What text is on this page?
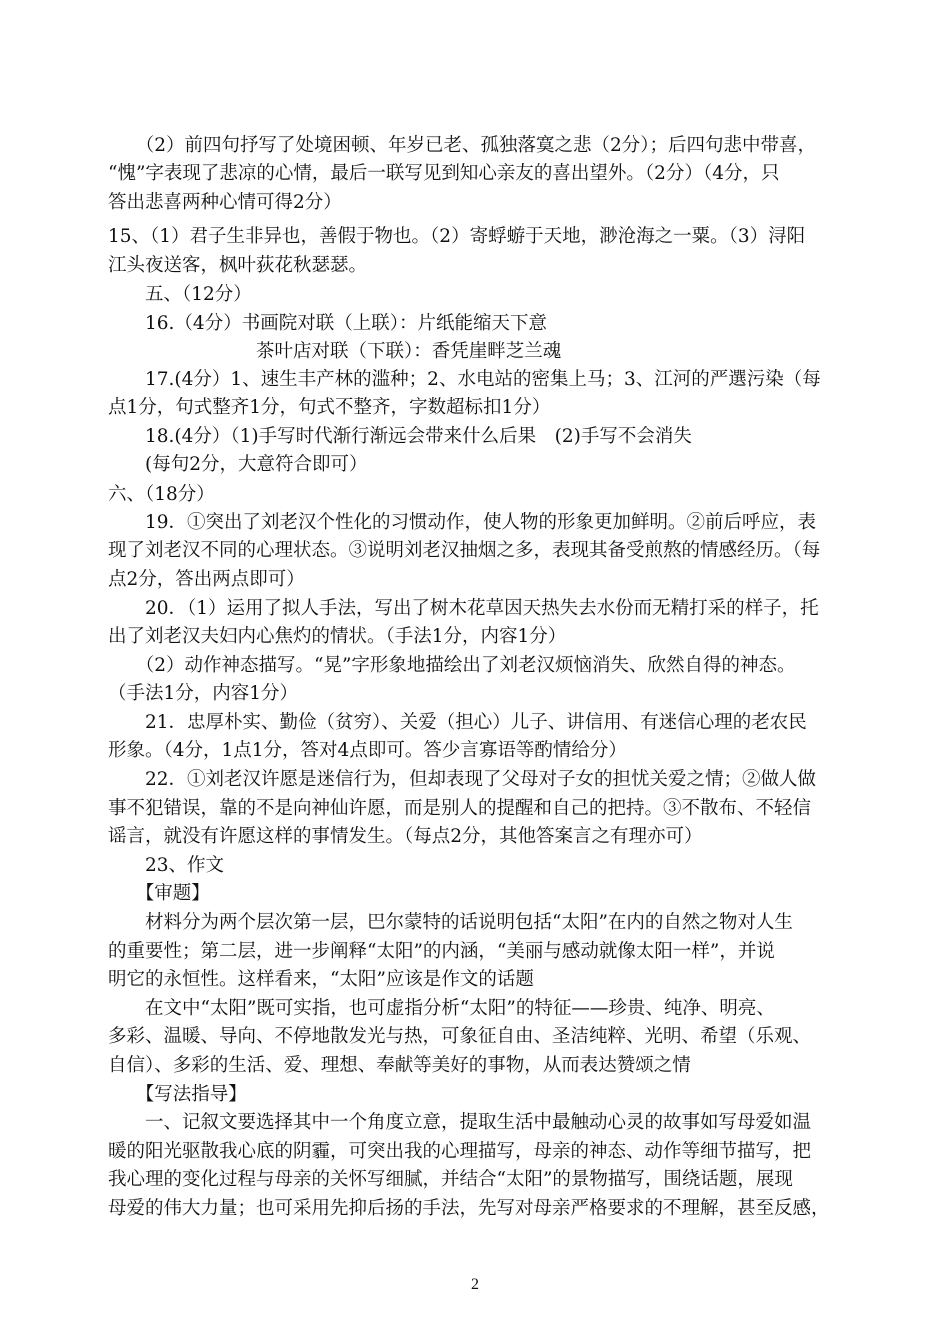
　　（2）前四句抒写了处境困顿、年岁已老、孤独落寞之悲（2分）；后四句悲中带喜，
“愧”字表现了悲凉的心情，最后一联写见到知心亲友的喜出望外。（2分）（4分，只
答出悲喜两种心情可得2分）
15、（1）君子生非异也，善假于物也。（2）寄蜉蝣于天地，渺沧海之一粟。（3）浔阳
江头夜送客，枫叶荻花秋瑟瑟。
　　五、（12分）
　　16.（4分）书画院对联（上联）：片纸能缩天下意
　　　　　　　　茶叶店对联（下联）：香凭崖畔芝兰魂
　　17.(4分）1、速生丰产林的滥种；2、水电站的密集上马；3、江河的严選污染（每
点1分，句式整齐1分，句式不整齐，字数超标扣1分）
　　18.(4分）（1)手写时代渐行渐远会带来什么后果　(2)手写不会消失
　　(每句2分，大意符合即可）
六、（18分）
　　19．①突出了刘老汉个性化的习惯动作，使人物的形象更加鲜明。②前后呼应，表
现了刘老汉不同的心理状态。③说明刘老汉抽烟之多，表现其备受煎熬的情感经历。（每
点2分，答出两点即可）
　　20．（1）运用了拟人手法，写出了树木花草因天热失去水份而无精打采的样子，托
出了刘老汉夫妇内心焦灼的情状。（手法1分，内容1分）
　　（2）动作神态描写。“晃”字形象地描绘出了刘老汉烦恼消失、欣然自得的神态。
（手法1分，内容1分）
　　21．忠厚朴实、勤俭（贫穷）、关爱（担心）儿子、讲信用、有迷信心理的老农民
形象。（4分，1点1分，答对4点即可。答少言寡语等酌情给分）
　　22．①刘老汉许愿是迷信行为，但却表现了父母对子女的担忧关爱之情；②做人做
事不犯错误，靠的不是向神仙许愿，而是别人的提醒和自己的把持。③不散布、不轻信
谣言，就没有许愿这样的事情发生。（每点2分，其他答案言之有理亦可）
　　23、作文
　　【审题】
　　材料分为两个层次第一层，巴尔蒙特的话说明包括“太阳”在内的自然之物对人生
的重要性；第二层，进一步阐释“太阳”的内涵，“美丽与感动就像太阳一样”，并说
明它的永恒性。这样看来，“太阳”应该是作文的话题
　　在文中“太阳”既可实指，也可虚指分析“太阳”的特征——珍贵、纯净、明亮、
多彩、温暖、导向、不停地散发光与热，可象征自由、圣洁纯粹、光明、希望（乐观、
自信）、多彩的生活、爱、理想、奉献等美好的事物，从而表达赞颂之情
　　【写法指导】
　　一、记叙文要选择其中一个角度立意，提取生活中最触动心灵的故事如写母爱如温
暖的阳光驱散我心底的阴霾，可突出我的心理描写，母亲的神态、动作等细节描写，把
我心理的变化过程与母亲的关怀写细腻，并结合“太阳”的景物描写，围绕话题，展现
母爱的伟大力量；也可采用先抑后扬的手法，先写对母亲严格要求的不理解，甚至反感，
2
